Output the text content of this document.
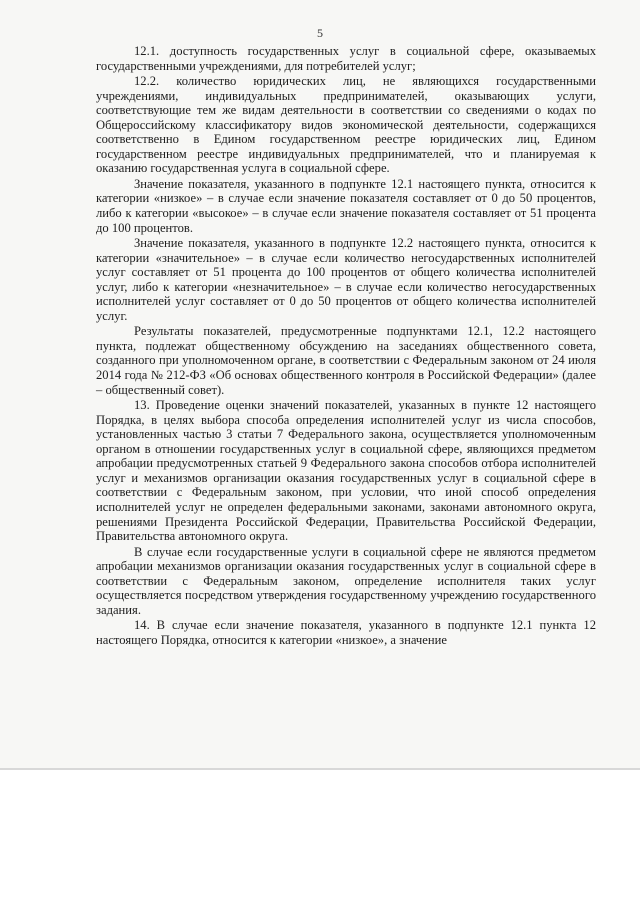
5

12.1. доступность государственных услуг в социальной сфере, оказываемых государственными учреждениями, для потребителей услуг;

12.2. количество юридических лиц, не являющихся государственными учреждениями, индивидуальных предпринимателей, оказывающих услуги, соответствующие тем же видам деятельности в соответствии со сведениями о кодах по Общероссийскому классификатору видов экономической деятельности, содержащихся соответственно в Едином государственном реестре юридических лиц, Едином государственном реестре индивидуальных предпринимателей, что и планируемая к оказанию государственная услуга в социальной сфере.

Значение показателя, указанного в подпункте 12.1 настоящего пункта, относится к категории «низкое» – в случае если значение показателя составляет от 0 до 50 процентов, либо к категории «высокое» – в случае если значение показателя составляет от 51 процента до 100 процентов.

Значение показателя, указанного в подпункте 12.2 настоящего пункта, относится к категории «значительное» – в случае если количество негосударственных исполнителей услуг составляет от 51 процента до 100 процентов от общего количества исполнителей услуг, либо к категории «незначительное» – в случае если количество негосударственных исполнителей услуг составляет от 0 до 50 процентов от общего количества исполнителей услуг.

Результаты показателей, предусмотренные подпунктами 12.1, 12.2 настоящего пункта, подлежат общественному обсуждению на заседаниях общественного совета, созданного при уполномоченном органе, в соответствии с Федеральным законом от 24 июля 2014 года № 212-ФЗ «Об основах общественного контроля в Российской Федерации» (далее – общественный совет).

13. Проведение оценки значений показателей, указанных в пункте 12 настоящего Порядка, в целях выбора способа определения исполнителей услуг из числа способов, установленных частью 3 статьи 7 Федерального закона, осуществляется уполномоченным органом в отношении государственных услуг в социальной сфере, являющихся предметом апробации предусмотренных статьей 9 Федерального закона способов отбора исполнителей услуг и механизмов организации оказания государственных услуг в социальной сфере в соответствии с Федеральным законом, при условии, что иной способ определения исполнителей услуг не определен федеральными законами, законами автономного округа, решениями Президента Российской Федерации, Правительства Российской Федерации, Правительства автономного округа.

В случае если государственные услуги в социальной сфере не являются предметом апробации механизмов организации оказания государственных услуг в социальной сфере в соответствии с Федеральным законом, определение исполнителя таких услуг осуществляется посредством утверждения государственному учреждению государственного задания.

14. В случае если значение показателя, указанного в подпункте 12.1 пункта 12 настоящего Порядка, относится к категории «низкое», а значение
